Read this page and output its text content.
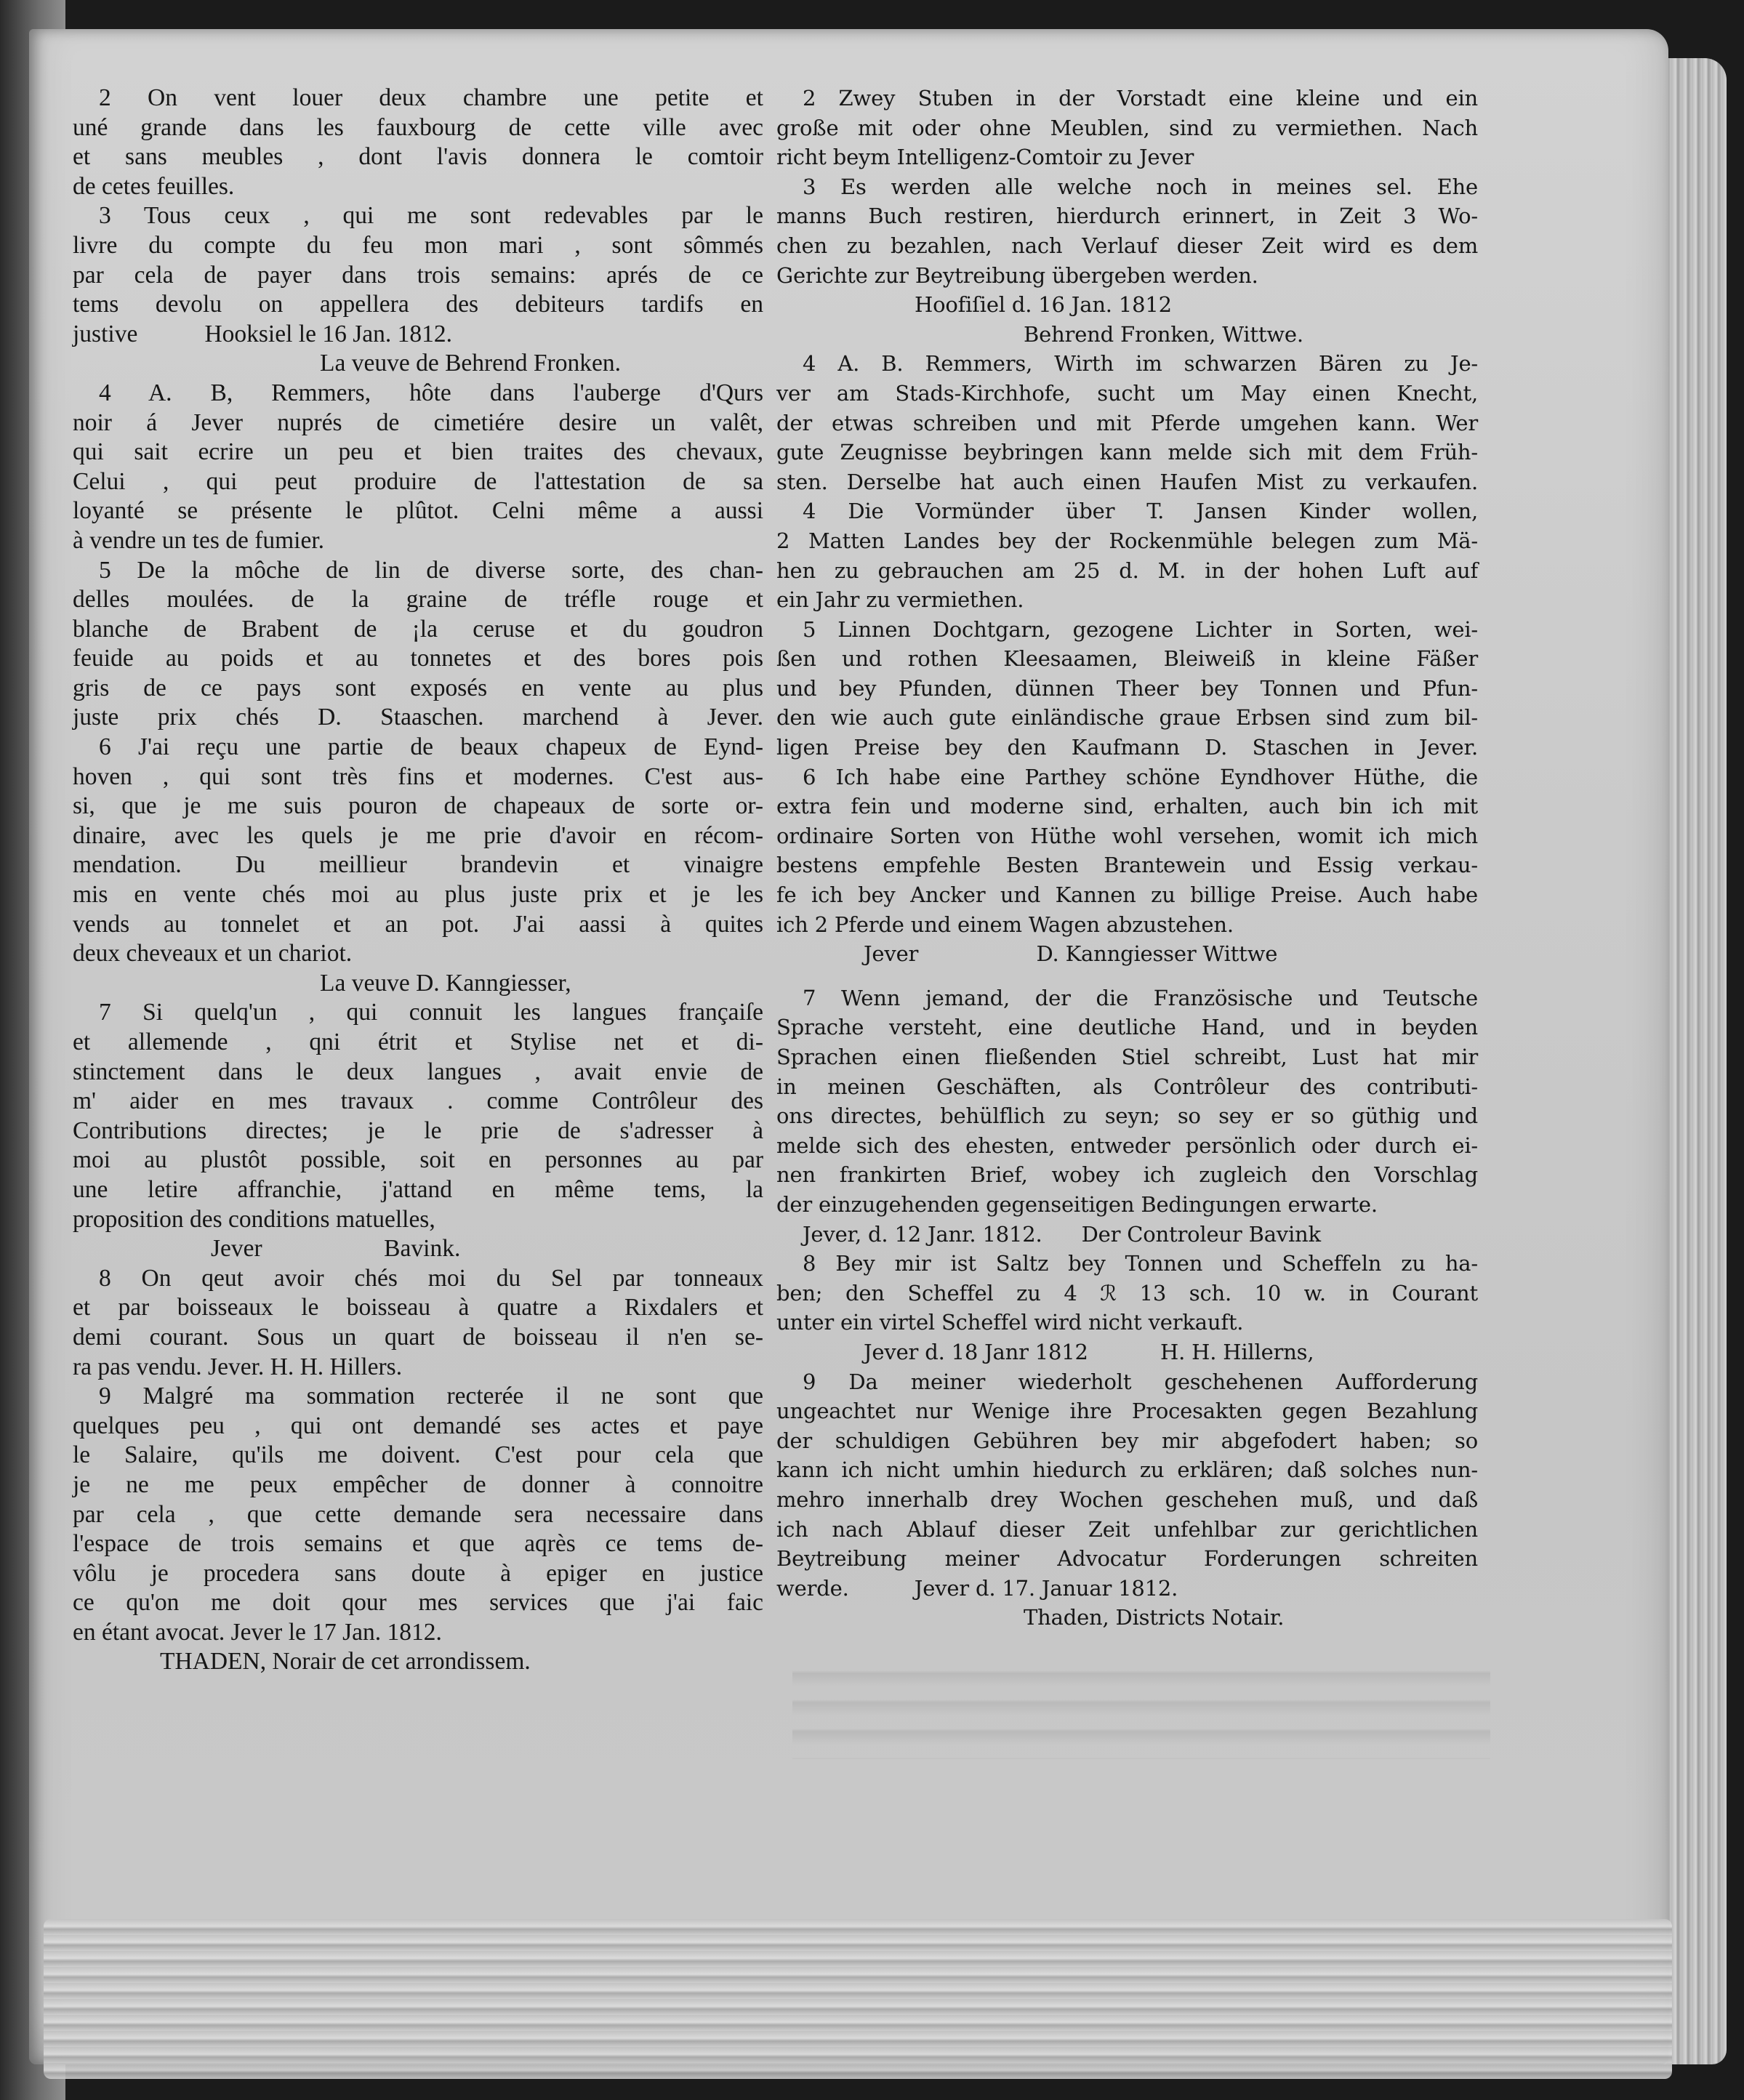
2 On vent louer deux chambre une petite et
uné grande dans les fauxbourg de cette ville avec
et sans meubles , dont l'avis donnera le comtoir
de cetes feuilles.
3 Tous ceux , qui me sont redevables par le
livre du compte du feu mon mari , sont sômmés
par cela de payer dans trois semains: aprés de ce
tems devolu on appellera des debiteurs tardifs en
justive           Hooksiel le 16 Jan. 1812.
La veuve de Behrend Fronken.
4 A. B, Remmers, hôte dans l'auberge d'Qurs
noir á Jever nuprés de cimetiére desire un valêt,
qui sait ecrire un peu et bien traites des chevaux,
Celui , qui peut produire de l'attestation de sa
loyanté se présente le plûtot. Celni même a aussi
à vendre un tes de fumier.
5 De la môche de lin de diverse sorte, des chan-
delles moulées. de la graine de tréfle rouge et
blanche de Brabent de ¡la ceruse et du goudron
feuide au poids et au tonnetes et des bores pois
gris de ce pays sont exposés en vente au plus
juste prix chés D. Staaschen. marchend à Jever.
6 J'ai reçu une partie de beaux chapeux de Eynd-
hoven , qui sont très fins et modernes. C'est aus-
si, que je me suis pouron de chapeaux de sorte or-
dinaire, avec les quels je me prie d'avoir en récom-
mendation. Du meillieur brandevin et vinaigre
mis en vente chés moi au plus juste prix et je les
vends au tonnelet et an pot. J'ai aassi à quites
deux cheveaux et un chariot.
La veuve D. Kanngiesser,
7 Si quelq'un , qui connuit les langues françaiſe
et allemende , qni étrit et Stylise net et di-
stinctement dans le deux langues , avait envie de
m' aider en mes travaux . comme Contrôleur des
Contributions directes; je le prie de s'adresser à
moi au plustôt possible, soit en personnes au par
une letire affranchie, j'attand en même tems, la
proposition des conditions matuelles,
Jever                    Bavink.
8 On qeut avoir chés moi du Sel par tonneaux
et par boisseaux le boisseau à quatre a Rixdalers et
demi courant. Sous un quart de boisseau il n'en se-
ra pas vendu. Jever. H. H. Hillers.
9 Malgré ma sommation recterée il ne sont que
quelques peu , qui ont demandé ses actes et paye
le Salaire, qu'ils me doivent. C'est pour cela que
je ne me peux empêcher de donner à connoitre
par cela , que cette demande sera necessaire dans
l'espace de trois semains et que aqrès ce tems de-
vôlu je procedera sans doute à epiger en justice
ce qu'on me doit qour mes services que j'ai faic
en étant avocat. Jever le 17 Jan. 1812.
THADEN, Norair de cet arrondissem.
2 Zwey Stuben in der Vorstadt eine kleine und ein
große mit oder ohne Meublen, sind zu vermiethen. Nach
richt beym Intelligenz-Comtoir zu Jever
3 Es werden alle welche noch in meines sel. Ehe
manns Buch restiren, hierdurch erinnert, in Zeit 3 Wo-
chen zu bezahlen, nach Verlauf dieser Zeit wird es dem
Gerichte zur Beytreibung übergeben werden.
Hoofiſiel d. 16 Jan. 1812
Behrend Fronken, Wittwe.
4 A. B. Remmers, Wirth im schwarzen Bären zu Je-
ver am Stads-Kirchhofe, sucht um May einen Knecht,
der etwas schreiben und mit Pferde umgehen kann. Wer
gute Zeugnisse beybringen kann melde sich mit dem Früh-
sten. Derselbe hat auch einen Haufen Mist zu verkaufen.
4 Die Vormünder über T. Jansen Kinder wollen,
2 Matten Landes bey der Rockenmühle belegen zum Mä-
hen zu gebrauchen am 25 d. M. in der hohen Luft auf
ein Jahr zu vermiethen.
5 Linnen Dochtgarn, gezogene Lichter in Sorten, wei-
ßen und rothen Kleesaamen, Bleiweiß in kleine Fäßer
und bey Pfunden, dünnen Theer bey Tonnen und Pfun-
den wie auch gute einländische graue Erbsen sind zum bil-
ligen Preise bey den Kaufmann D. Staschen in Jever.
6 Ich habe eine Parthey schöne Eyndhover Hüthe, die
extra fein und moderne sind, erhalten, auch bin ich mit
ordinaire Sorten von Hüthe wohl versehen, womit ich mich
bestens empfehle Besten Brantewein und Essig verkau-
fe ich bey Ancker und Kannen zu billige Preise. Auch habe
ich 2 Pferde und einem Wagen abzustehen.
Jever                  D. Kanngiesser Wittwe
7 Wenn jemand, der die Französische und Teutsche
Sprache versteht, eine deutliche Hand, und in beyden
Sprachen einen fließenden Stiel schreibt, Lust hat mir
in meinen Geschäften, als Contrôleur des contributi-
ons directes, behülflich zu seyn; so sey er so güthig und
melde sich des ehesten, entweder persönlich oder durch ei-
nen frankirten Brief, wobey ich zugleich den Vorschlag
der einzugehenden gegenseitigen Bedingungen erwarte.
Jever, d. 12 Janr. 1812.      Der Controleur Bavink
8 Bey mir ist Saltz bey Tonnen und Scheffeln zu ha-
ben; den Scheffel zu 4 ℛ 13 sch. 10 w. in Courant
unter ein virtel Scheffel wird nicht verkauft.
Jever d. 18 Janr 1812           H. H. Hillerns,
9 Da meiner wiederholt geschehenen Aufforderung
ungeachtet nur Wenige ihre Procesakten gegen Bezahlung
der schuldigen Gebühren bey mir abgefodert haben; so
kann ich nicht umhin hiedurch zu erklären; daß solches nun-
mehro innerhalb drey Wochen geschehen muß, und daß
ich nach Ablauf dieser Zeit unfehlbar zur gerichtlichen
Beytreibung meiner Advocatur Forderungen schreiten
werde.          Jever d. 17. Januar 1812.
Thaden, Districts Notair.
